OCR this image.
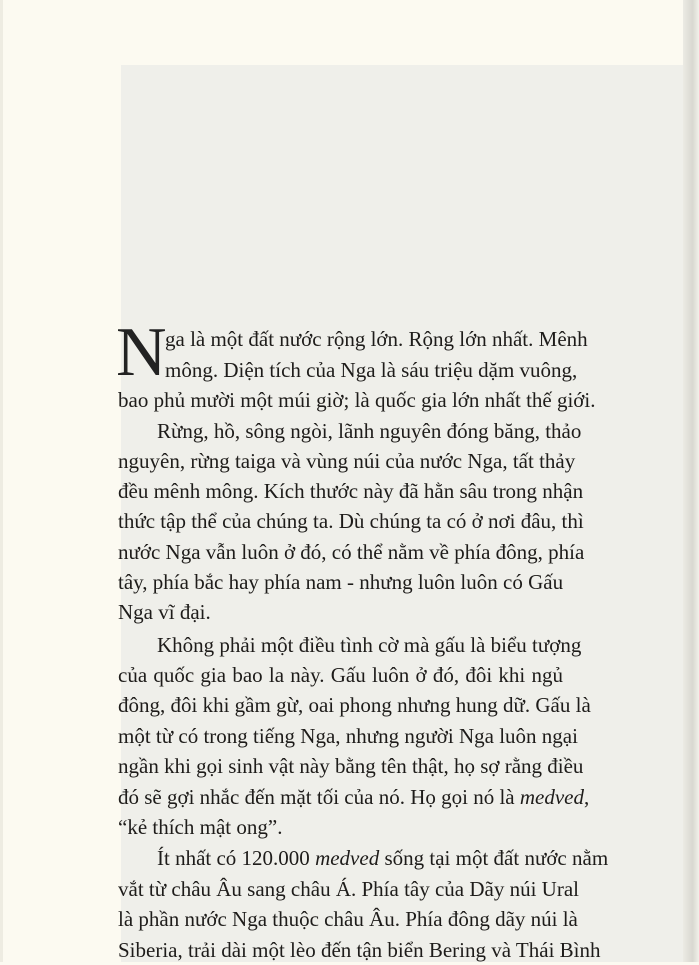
N
ga là một đất nước rộng lớn. Rộng lớn nhất. Mênh
mông. Diện tích của Nga là sáu triệu dặm vuông,
bao phủ mười một múi giờ; là quốc gia lớn nhất thế giới.
Rừng, hồ, sông ngòi, lãnh nguyên đóng băng, thảo
nguyên, rừng taiga và vùng núi của nước Nga, tất thảy
đều mênh mông. Kích thước này đã hằn sâu trong nhận
thức tập thể của chúng ta. Dù chúng ta có ở nơi đâu, thì
nước Nga vẫn luôn ở đó, có thể nằm về phía đông, phía
tây, phía bắc hay phía nam - nhưng luôn luôn có Gấu
Nga vĩ đại.
Không phải một điều tình cờ mà gấu là biểu tượng
của quốc gia bao la này. Gấu luôn ở đó, đôi khi ngủ
đông, đôi khi gầm gừ, oai phong nhưng hung dữ. Gấu là
một từ có trong tiếng Nga, nhưng người Nga luôn ngại
ngần khi gọi sinh vật này bằng tên thật, họ sợ rằng điều
đó sẽ gợi nhắc đến mặt tối của nó. Họ gọi nó là medved ,
“kẻ thích mật ong”.
Ít nhất có 120.000 medved sống tại một đất nước nằm
vắt từ châu Âu sang châu Á. Phía tây của Dãy núi Ural
là phần nước Nga thuộc châu Âu. Phía đông dãy núi là
Siberia, trải dài một lèo đến tận biển Bering và Thái Bình
